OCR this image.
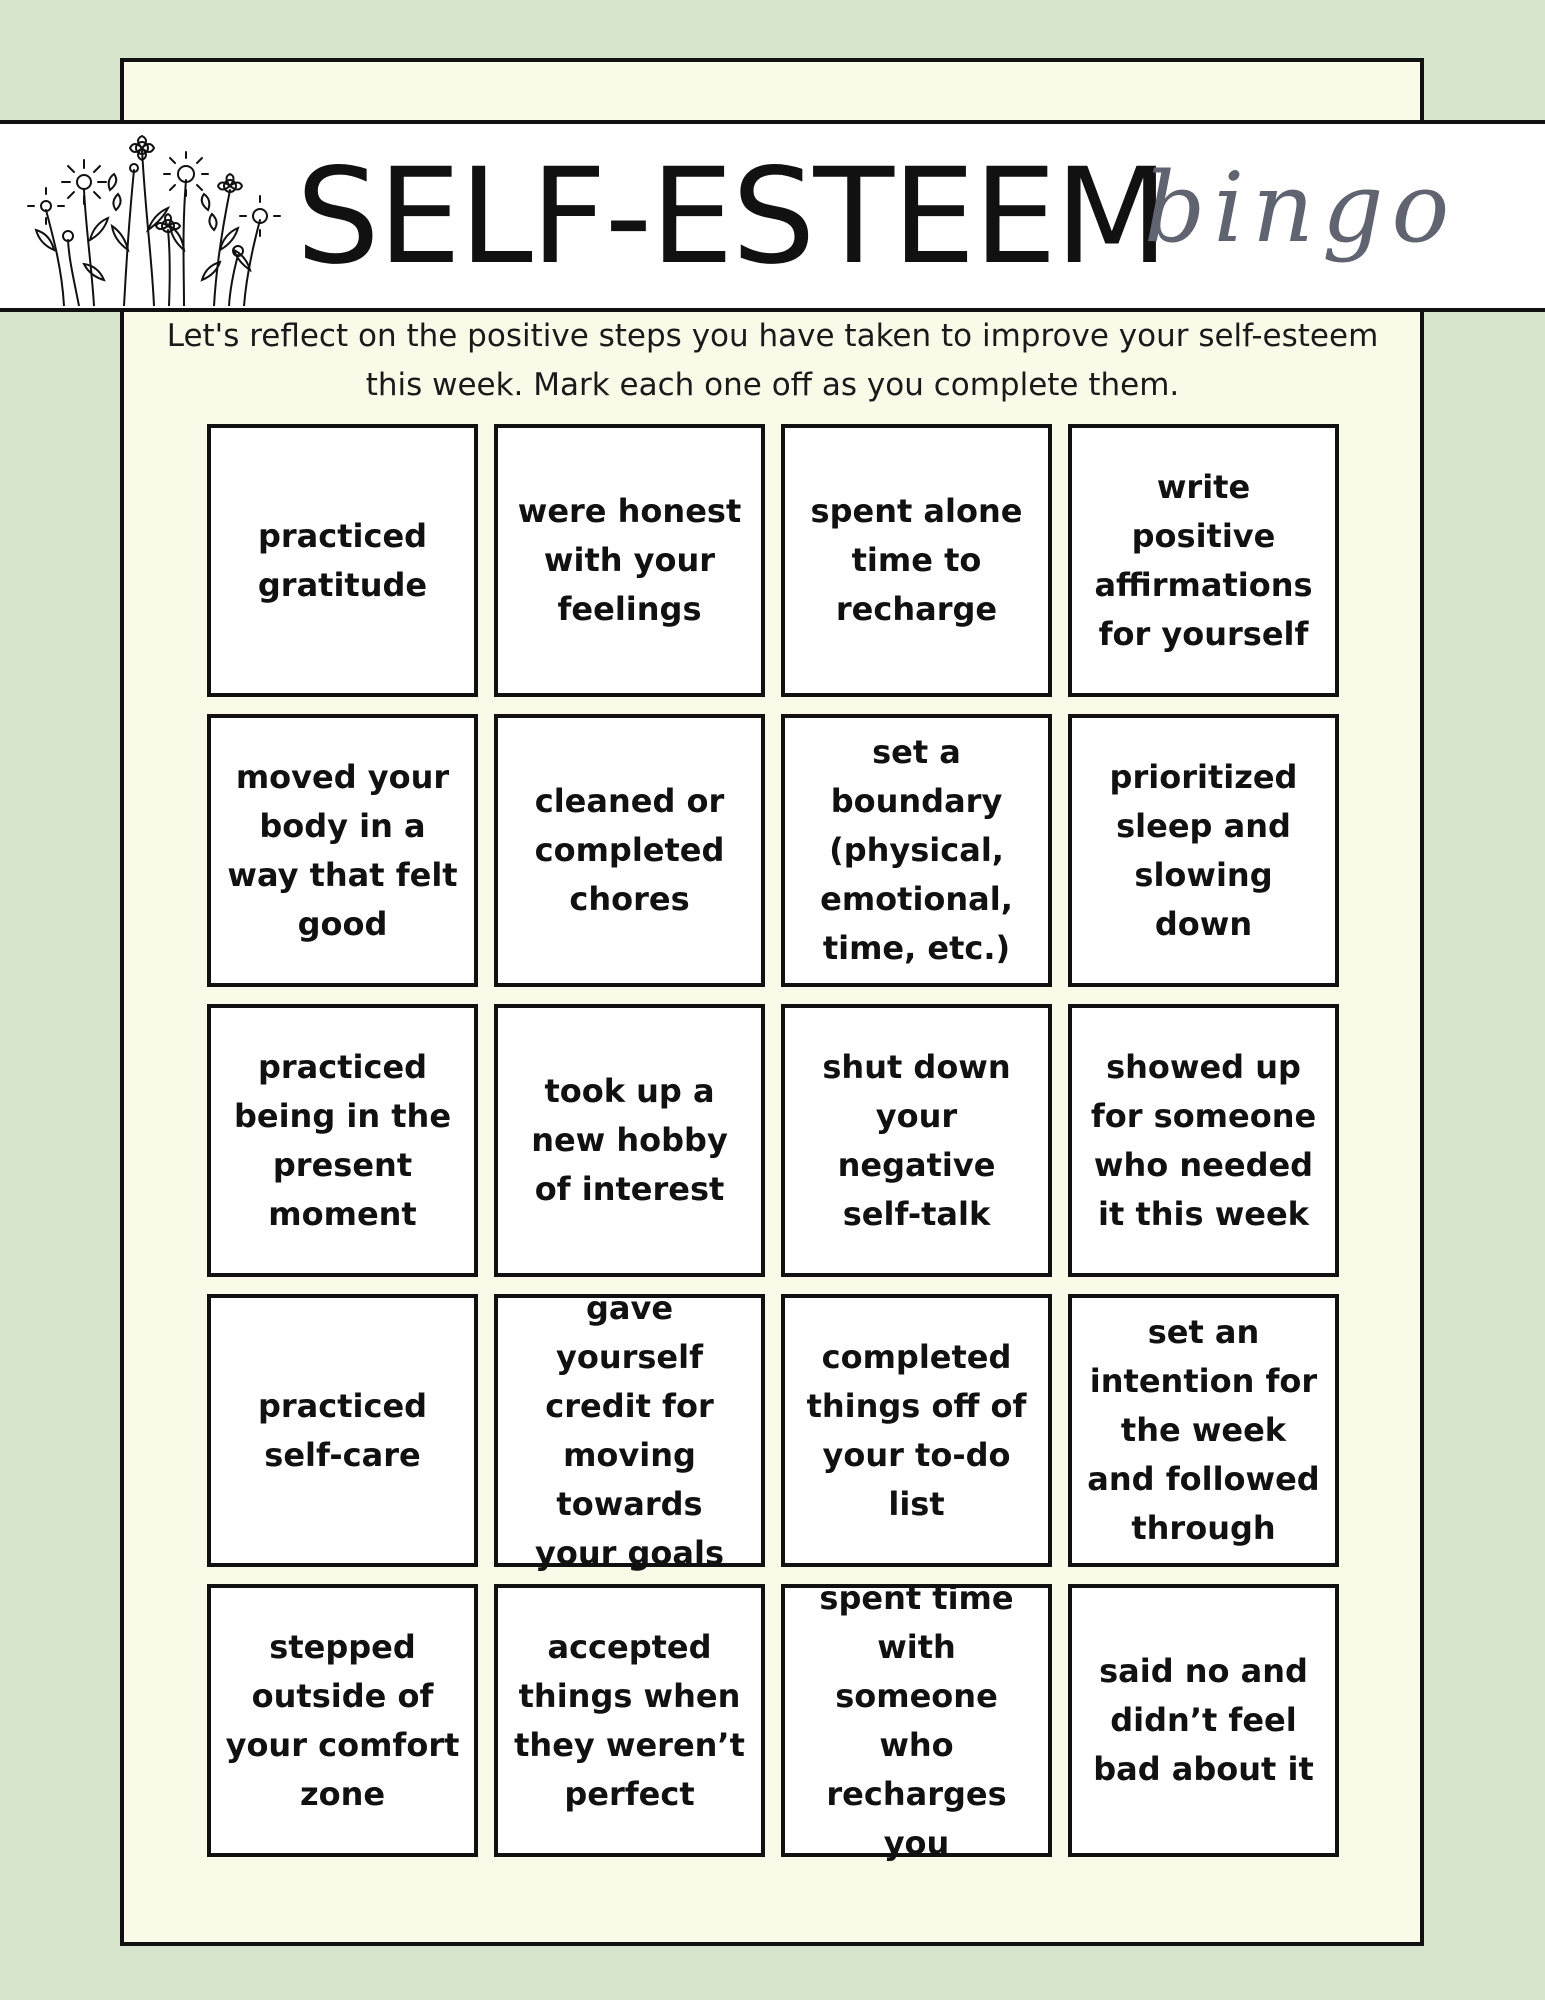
SELF-ESTEEM
bingo
Let's reflect on the positive steps you have taken to improve your self-esteem this week. Mark each one off as you complete them.
practiced gratitude
were honest with your feelings
spent alone time to recharge
write positive affirmations for yourself
moved your body in a way that felt good
cleaned or completed chores
set a boundary (physical, emotional, time, etc.)
prioritized sleep and slowing down
practiced being in the present moment
took up a new hobby of interest
shut down your negative self-talk
showed up for someone who needed it this week
practiced self-care
gave yourself credit for moving towards your goals
completed things off of your to-do list
set an intention for the week and followed through
stepped outside of your comfort zone
accepted things when they weren’t perfect
spent time with someone who recharges you
said no and didn’t feel bad about it
